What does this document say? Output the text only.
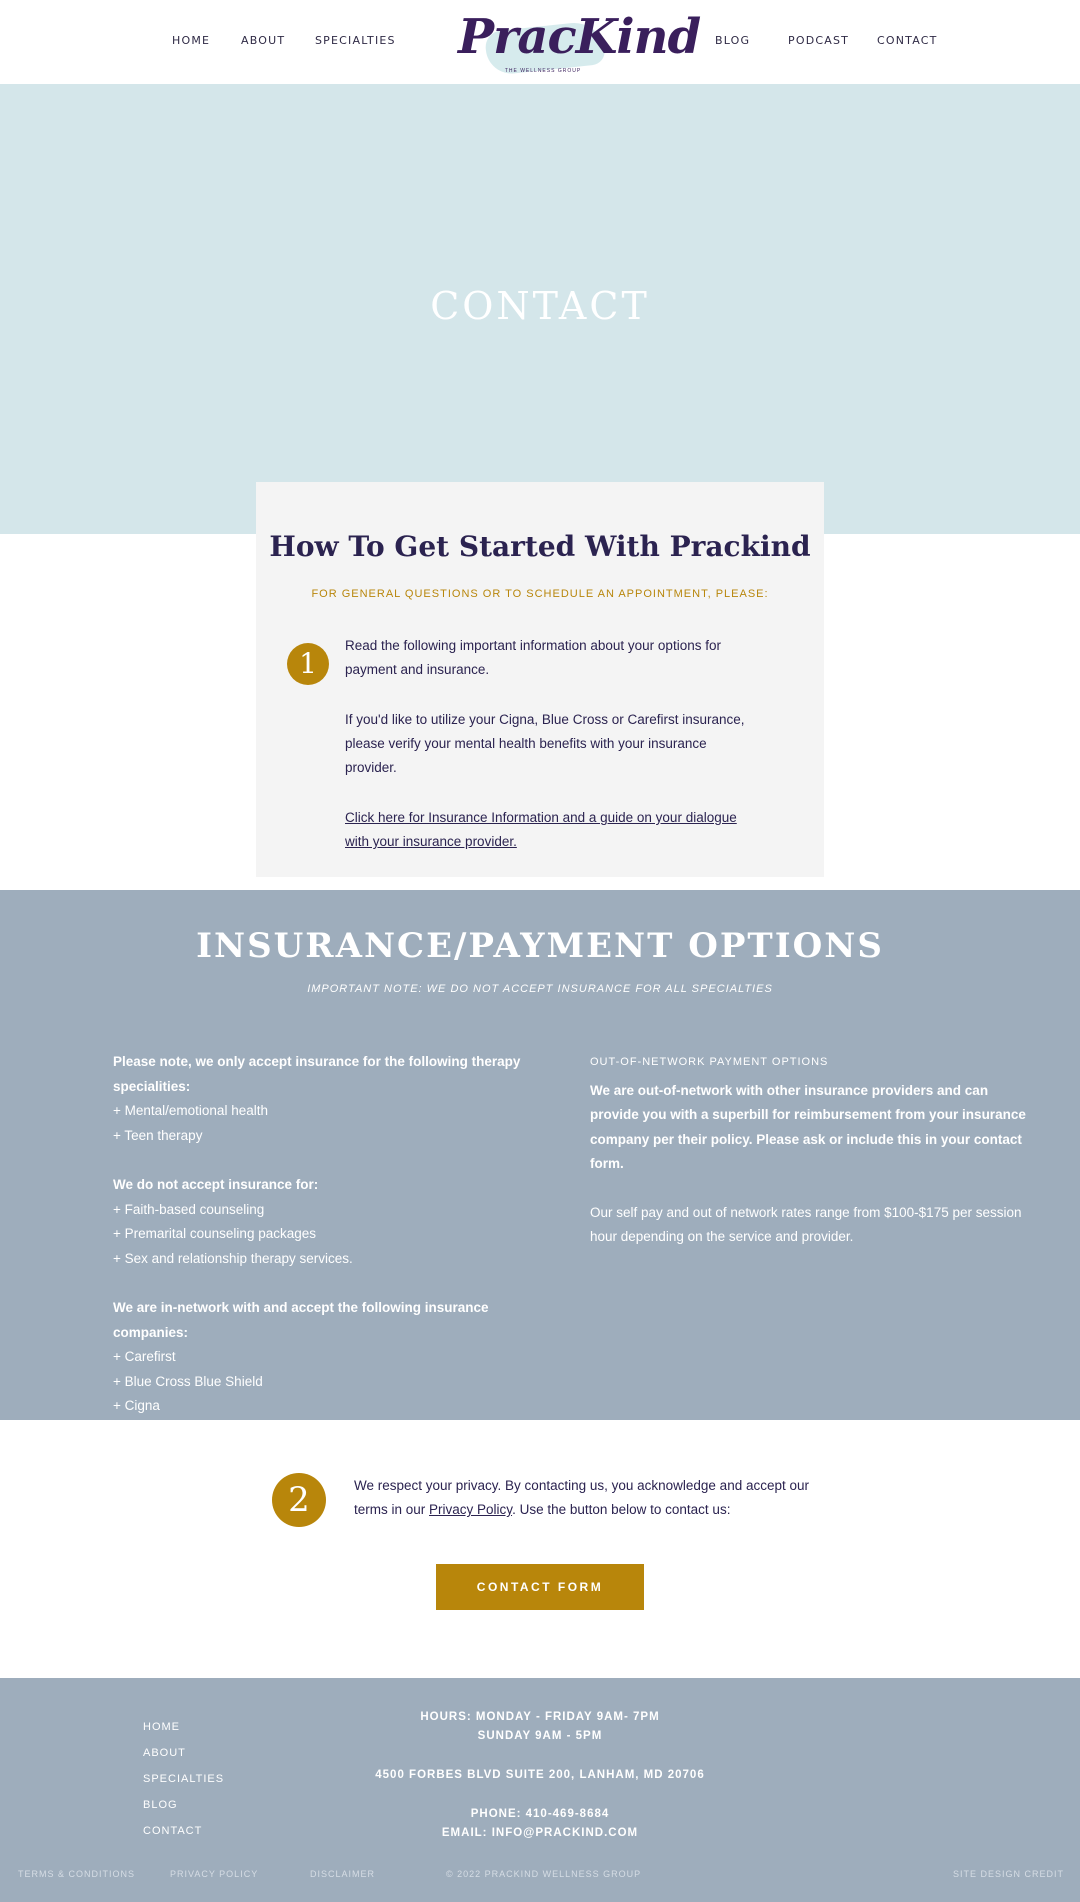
HOME	ABOUT	SPECIALTIES PracKind
THE WELLNESS GROUP
BLOG	PODCAST	CONTACT
CONTACT
How To Get Started With Prackind
FOR GENERAL QUESTIONS OR TO SCHEDULE AN APPOINTMENT, PLEASE:
1

Read the following important information about your options for payment and insurance.

If you'd like to utilize your Cigna, Blue Cross or Carefirst insurance, please verify your mental health benefits with your insurance provider.

Click here for Insurance Information and a guide on your dialogue with your insurance provider.
INSURANCE/PAYMENT OPTIONS
IMPORTANT NOTE: WE DO NOT ACCEPT INSURANCE FOR ALL SPECIALTIES
Please note, we only accept insurance for the following therapy specialities:
+ Mental/emotional health
+ Teen therapy
We do not accept insurance for:
+ Faith-based counseling
+ Premarital counseling packages
+ Sex and relationship therapy services.
We are in-network with and accept the following insurance companies:
+ Carefirst
+ Blue Cross Blue Shield
+ Cigna
OUT-OF-NETWORK PAYMENT OPTIONS
We are out-of-network with other insurance providers and can provide you with a superbill for reimbursement from your insurance company per their policy. Please ask or include this in your contact form.
Our self pay and out of network rates range from $100-$175 per session hour depending on the service and provider.
2	We respect your privacy. By contacting us, you acknowledge and accept our terms in our Privacy Policy. Use the button below to contact us:

CONTACT FORM
HOME
ABOUT
SPECIALTIES
BLOG
CONTACT
HOURS: MONDAY - FRIDAY 9AM- 7PM
SUNDAY 9AM - 5PM
4500 FORBES BLVD SUITE 200, LANHAM, MD 20706
PHONE: 410-469-8684
EMAIL: INFO@PRACKIND.COM
TERMS & CONDITIONS	PRIVACY POLICY	DISCLAIMER	© 2022 PRACKIND WELLNESS GROUP	SITE DESIGN CREDIT
